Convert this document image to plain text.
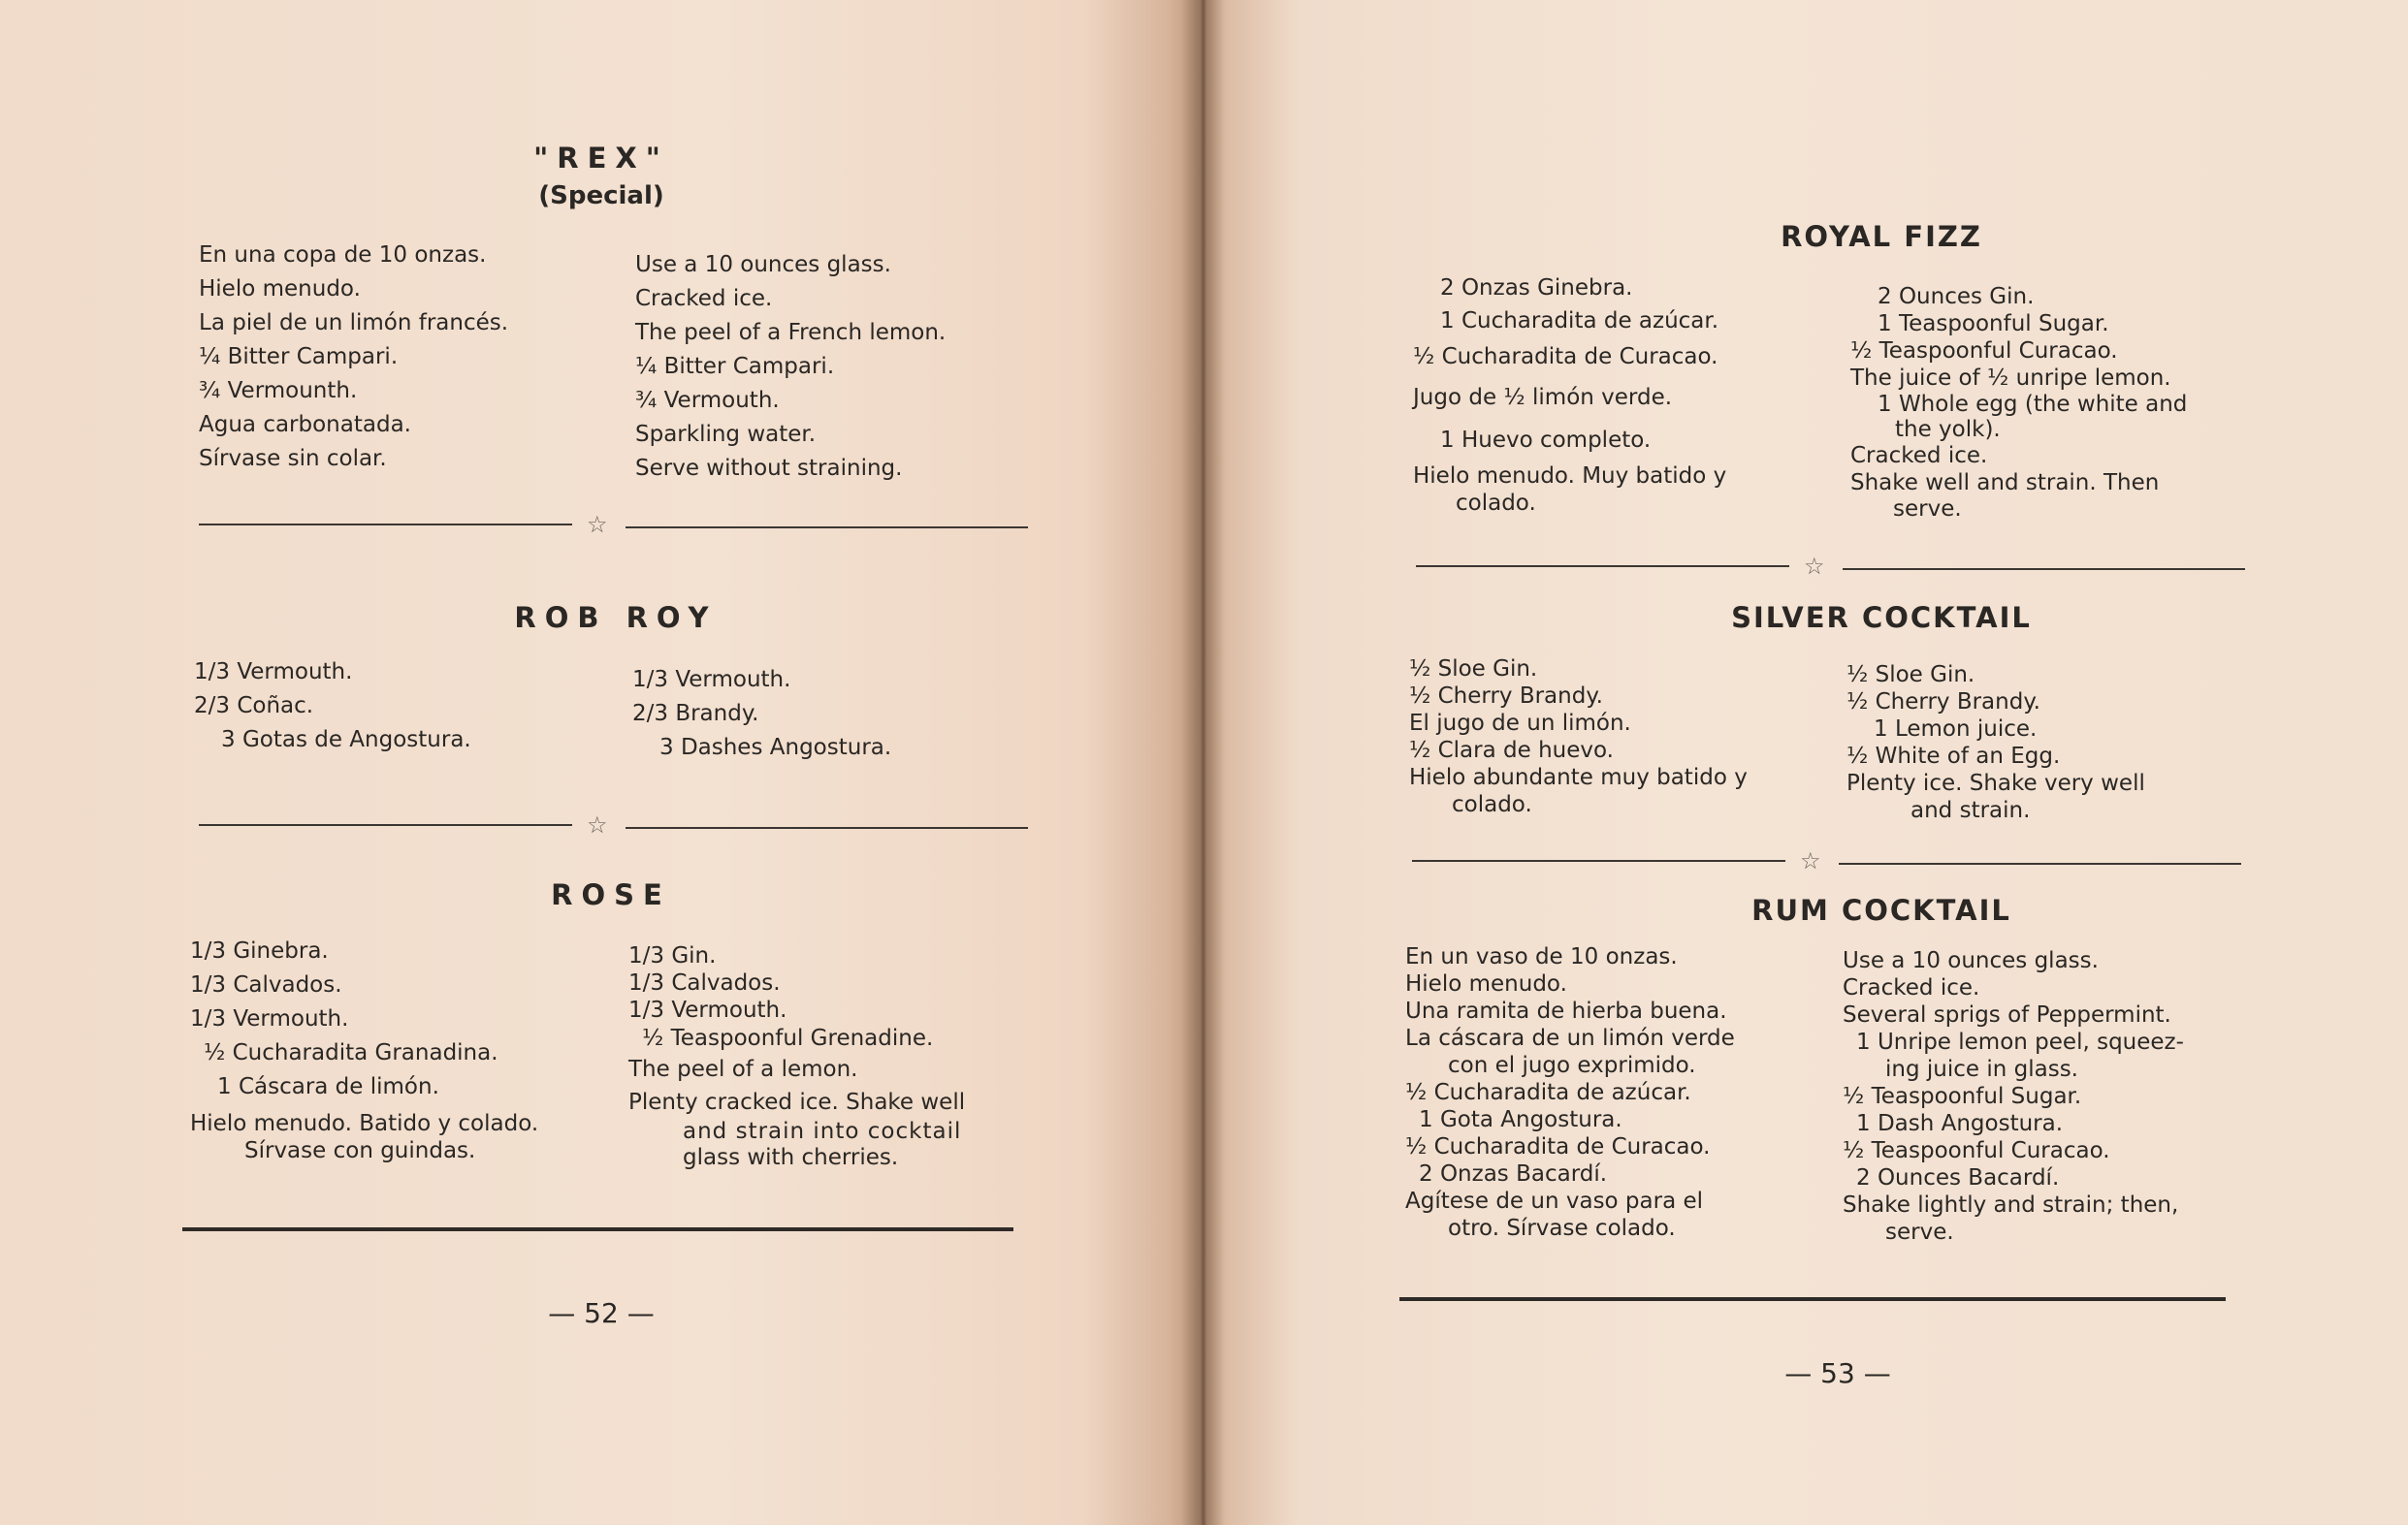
"REX"
(Special)
En una copa de 10 onzas.
Hielo menudo.
La piel de un limón francés.
¼ Bitter Campari.
¾ Vermounth.
Agua carbonatada.
Sírvase sin colar.
Use a 10 ounces glass.
Cracked ice.
The peel of a French lemon.
¼ Bitter Campari.
¾ Vermouth.
Sparkling water.
Serve without straining.
☆
ROB ROY
1/3 Vermouth.
2/3 Coñac.
3 Gotas de Angostura.
1/3 Vermouth.
2/3 Brandy.
3 Dashes Angostura.
☆
ROSE
1/3 Ginebra.
1/3 Calvados.
1/3 Vermouth.
½ Cucharadita Granadina.
1 Cáscara de limón.
Hielo menudo. Batido y colado.
Sírvase con guindas.
1/3 Gin.
1/3 Calvados.
1/3 Vermouth.
½ Teaspoonful Grenadine.
The peel of a lemon.
Plenty cracked ice. Shake well
and strain into cocktail
glass with cherries.
— 52 —
ROYAL FIZZ
2 Onzas Ginebra.
1 Cucharadita de azúcar.
½ Cucharadita de Curacao.
Jugo de ½ limón verde.
1 Huevo completo.
Hielo menudo. Muy batido y
colado.
2 Ounces Gin.
1 Teaspoonful Sugar.
½ Teaspoonful Curacao.
The juice of ½ unripe lemon.
1 Whole egg (the white and
the yolk).
Cracked ice.
Shake well and strain. Then
serve.
☆
SILVER COCKTAIL
½ Sloe Gin.
½ Cherry Brandy.
El jugo de un limón.
½ Clara de huevo.
Hielo abundante muy batido y
colado.
½ Sloe Gin.
½ Cherry Brandy.
1 Lemon juice.
½ White of an Egg.
Plenty ice. Shake very well
and strain.
☆
RUM COCKTAIL
En un vaso de 10 onzas.
Hielo menudo.
Una ramita de hierba buena.
La cáscara de un limón verde
con el jugo exprimido.
½ Cucharadita de azúcar.
1 Gota Angostura.
½ Cucharadita de Curacao.
2 Onzas Bacardí.
Agítese de un vaso para el
otro. Sírvase colado.
Use a 10 ounces glass.
Cracked ice.
Several sprigs of Peppermint.
1 Unripe lemon peel, squeez-
ing juice in glass.
½ Teaspoonful Sugar.
1 Dash Angostura.
½ Teaspoonful Curacao.
2 Ounces Bacardí.
Shake lightly and strain; then,
serve.
— 53 —
